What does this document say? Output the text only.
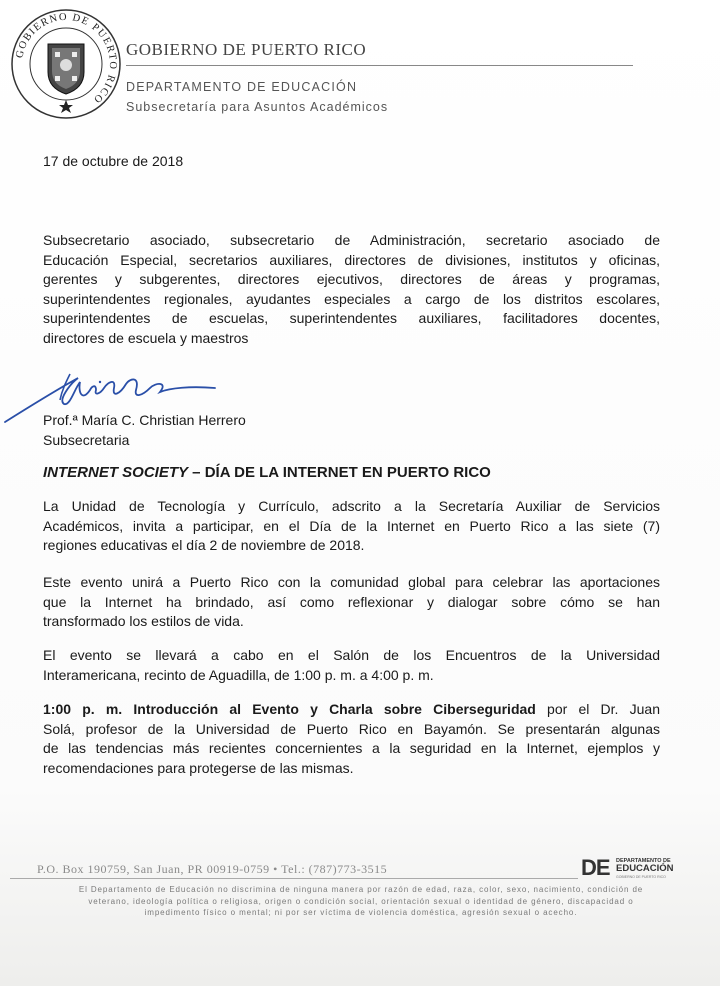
GOBIERNO DE PUERTO RICO
GOBIERNO DE PUERTO RICO
DEPARTAMENTO DE EDUCACIÓN
Subsecretaría para Asuntos Académicos
17 de octubre de 2018

Subsecretario asociado, subsecretario de Administración, secretario asociado de
Educación Especial, secretarios auxiliares, directores de divisiones, institutos y oficinas,
gerentes y subgerentes, directores ejecutivos, directores de áreas y programas,
superintendentes regionales, ayudantes especiales a cargo de los distritos escolares,
superintendentes de escuelas, superintendentes auxiliares, facilitadores docentes,
directores de escuela y maestros

Prof.ª María C. Christian Herrero
Subsecretaria
INTERNET SOCIETY – DÍA DE LA INTERNET EN PUERTO RICO

La Unidad de Tecnología y Currículo, adscrito a la Secretaría Auxiliar de Servicios
Académicos, invita a participar, en el Día de la Internet en Puerto Rico a las siete (7)
regiones educativas el día 2 de noviembre de 2018.

Este evento unirá a Puerto Rico con la comunidad global para celebrar las aportaciones
que la Internet ha brindado, así como reflexionar y dialogar sobre cómo se han
transformado los estilos de vida.

El evento se llevará a cabo en el Salón de los Encuentros de la Universidad
Interamericana, recinto de Aguadilla, de 1:00 p. m. a 4:00 p. m.

1:00 p. m. Introducción al Evento y Charla sobre Ciberseguridad por el Dr. Juan
Solá, profesor de la Universidad de Puerto Rico en Bayamón. Se presentarán algunas
de las tendencias más recientes concernientes a la seguridad en la Internet, ejemplos y
recomendaciones para protegerse de las mismas.

P.O. Box 190759, San Juan, PR 00919-0759 • Tel.: (787)773-3515	DE DEPARTAMENTO DE
EDUCACIÓN
GOBIERNO DE PUERTO RICO

El Departamento de Educación no discrimina de ninguna manera por razón de edad, raza, color, sexo, nacimiento, condición de
veterano, ideología política o religiosa, origen o condición social, orientación sexual o identidad de género, discapacidad o
impedimento físico o mental; ni por ser víctima de violencia doméstica, agresión sexual o acecho.
